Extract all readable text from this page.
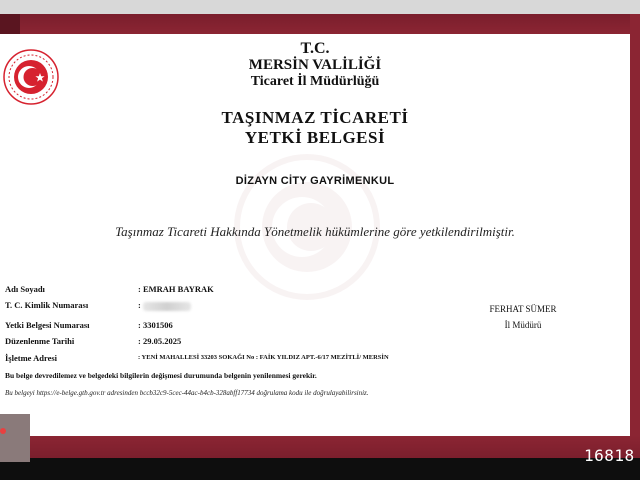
T.C.
MERSİN VALİLİĞİ
Ticaret İl Müdürlüğü
TAŞINMAZ TİCARETİ
YETKİ BELGESİ
DİZAYN CİTY GAYRİMENKUL
Taşınmaz Ticareti Hakkında Yönetmelik hükümlerine göre yetkilendirilmiştir.
Adı Soyadı	: EMRAH BAYRAK
T. C. Kimlik Numarası	:
Yetki Belgesi Numarası	: 3301506
Düzenlenme Tarihi	: 29.05.2025
İşletme Adresi	: YENİ MAHALLESİ 33203 SOKAĞI No : FAİK YILDIZ APT.-6/17 MEZİTLİ/ MERSİN
FERHAT SÜMER
İl Müdürü
Bu belge devredilemez ve belgedeki bilgilerin değişmesi durumunda belgenin yenilenmesi gerekir.
Bu belgeyi https://e-belge.gtb.gov.tr adresinden bccb32c9-5cec-44ac-b4cb-328abff17734 doğrulama kodu ile doğrulayabilirsiniz.
16818
